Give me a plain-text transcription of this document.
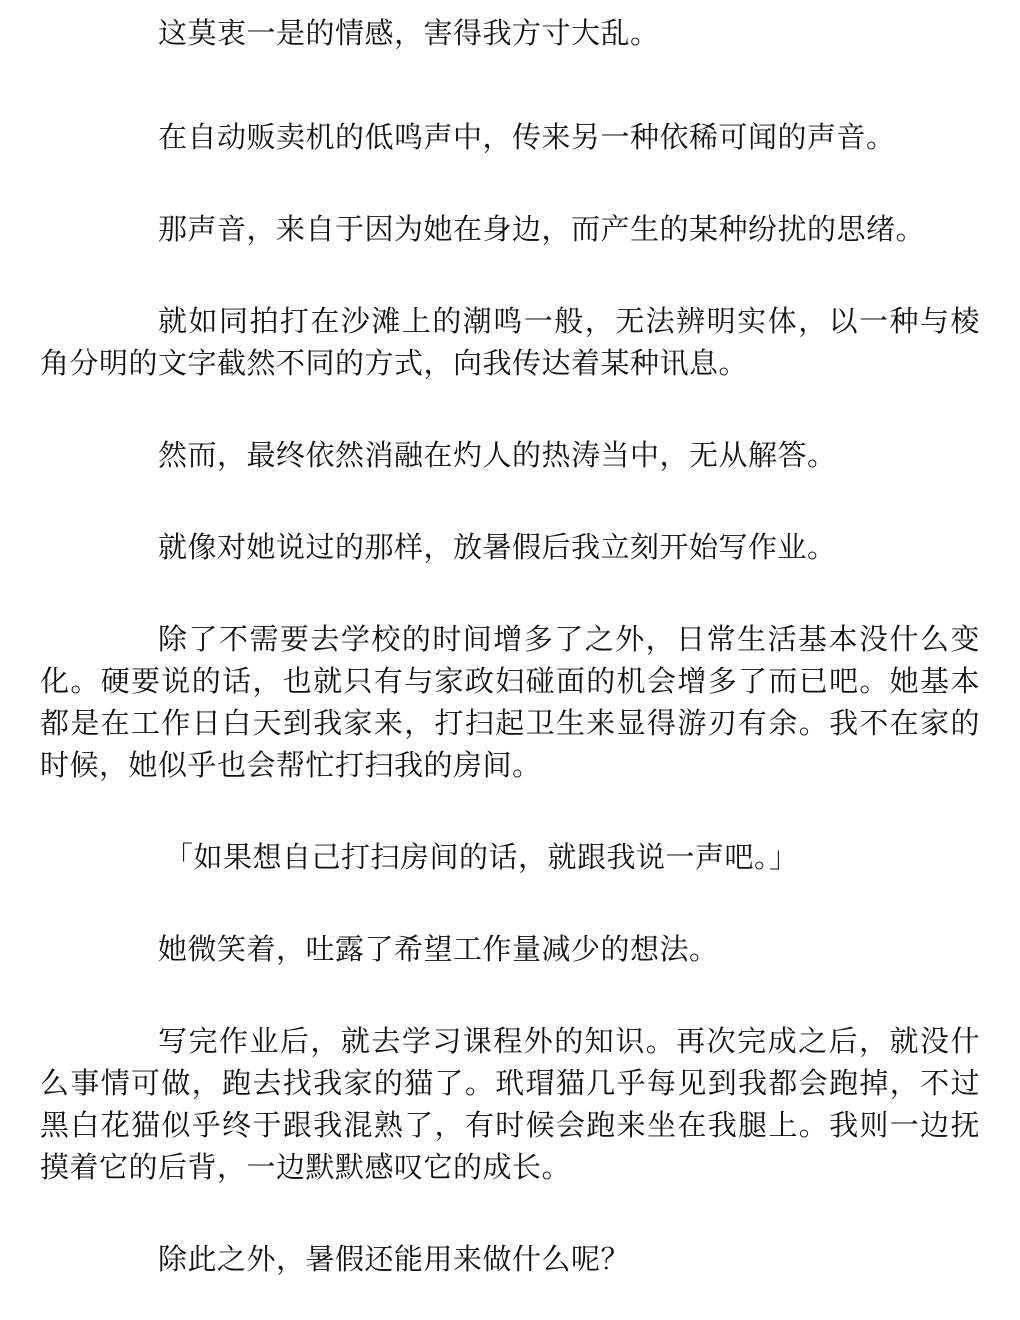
这莫衷一是的情感，害得我方寸大乱。

在自动贩卖机的低鸣声中，传来另一种依稀可闻的声音。

那声音，来自于因为她在身边，而产生的某种纷扰的思绪。

就如同拍打在沙滩上的潮鸣一般，无法辨明实体，以一种与棱角分明的文字截然不同的方式，向我传达着某种讯息。

然而，最终依然消融在灼人的热涛当中，无从解答。

就像对她说过的那样，放暑假后我立刻开始写作业。

除了不需要去学校的时间增多了之外，日常生活基本没什么变化。硬要说的话，也就只有与家政妇碰面的机会增多了而已吧。她基本都是在工作日白天到我家来，打扫起卫生来显得游刃有余。我不在家的时候，她似乎也会帮忙打扫我的房间。

「如果想自己打扫房间的话，就跟我说一声吧。」

她微笑着，吐露了希望工作量减少的想法。

写完作业后，就去学习课程外的知识。再次完成之后，就没什么事情可做，跑去找我家的猫了。玳瑁猫几乎每见到我都会跑掉，不过黑白花猫似乎终于跟我混熟了，有时候会跑来坐在我腿上。我则一边抚摸着它的后背，一边默默感叹它的成长。

除此之外，暑假还能用来做什么呢？
